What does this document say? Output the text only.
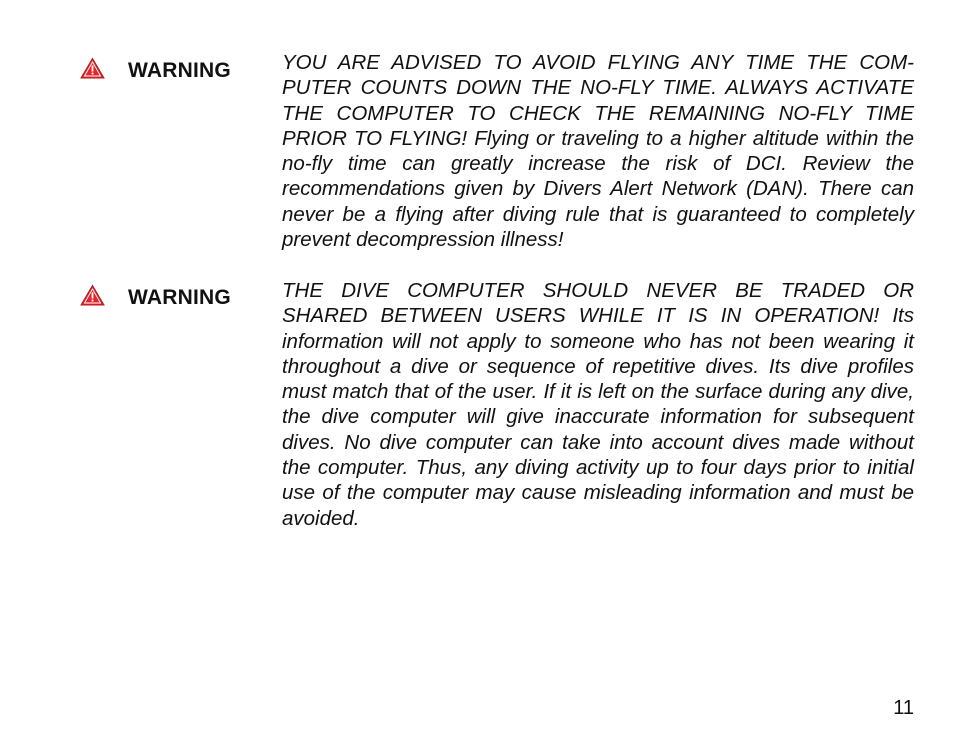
WARNING YOU ARE ADVISED TO AVOID FLYING ANY TIME THE COMPUTER COUNTS DOWN THE NO-FLY TIME. ALWAYS ACTIVATE THE COMPUTER TO CHECK THE REMAINING NO-FLY TIME PRIOR TO FLYING! Flying or traveling to a higher altitude within the no-fly time can greatly increase the risk of DCI. Review the recommendations given by Divers Alert Network (DAN). There can never be a flying after diving rule that is guaranteed to completely prevent decompression illness!

WARNING THE DIVE COMPUTER SHOULD NEVER BE TRADED OR SHARED BETWEEN USERS WHILE IT IS IN OPERATION! Its information will not apply to someone who has not been wearing it throughout a dive or sequence of repetitive dives. Its dive profiles must match that of the user. If it is left on the surface during any dive, the dive computer will give inaccurate information for subsequent dives. No dive computer can take into account dives made without the computer. Thus, any diving activity up to four days prior to initial use of the computer may cause misleading information and must be avoided.

11
